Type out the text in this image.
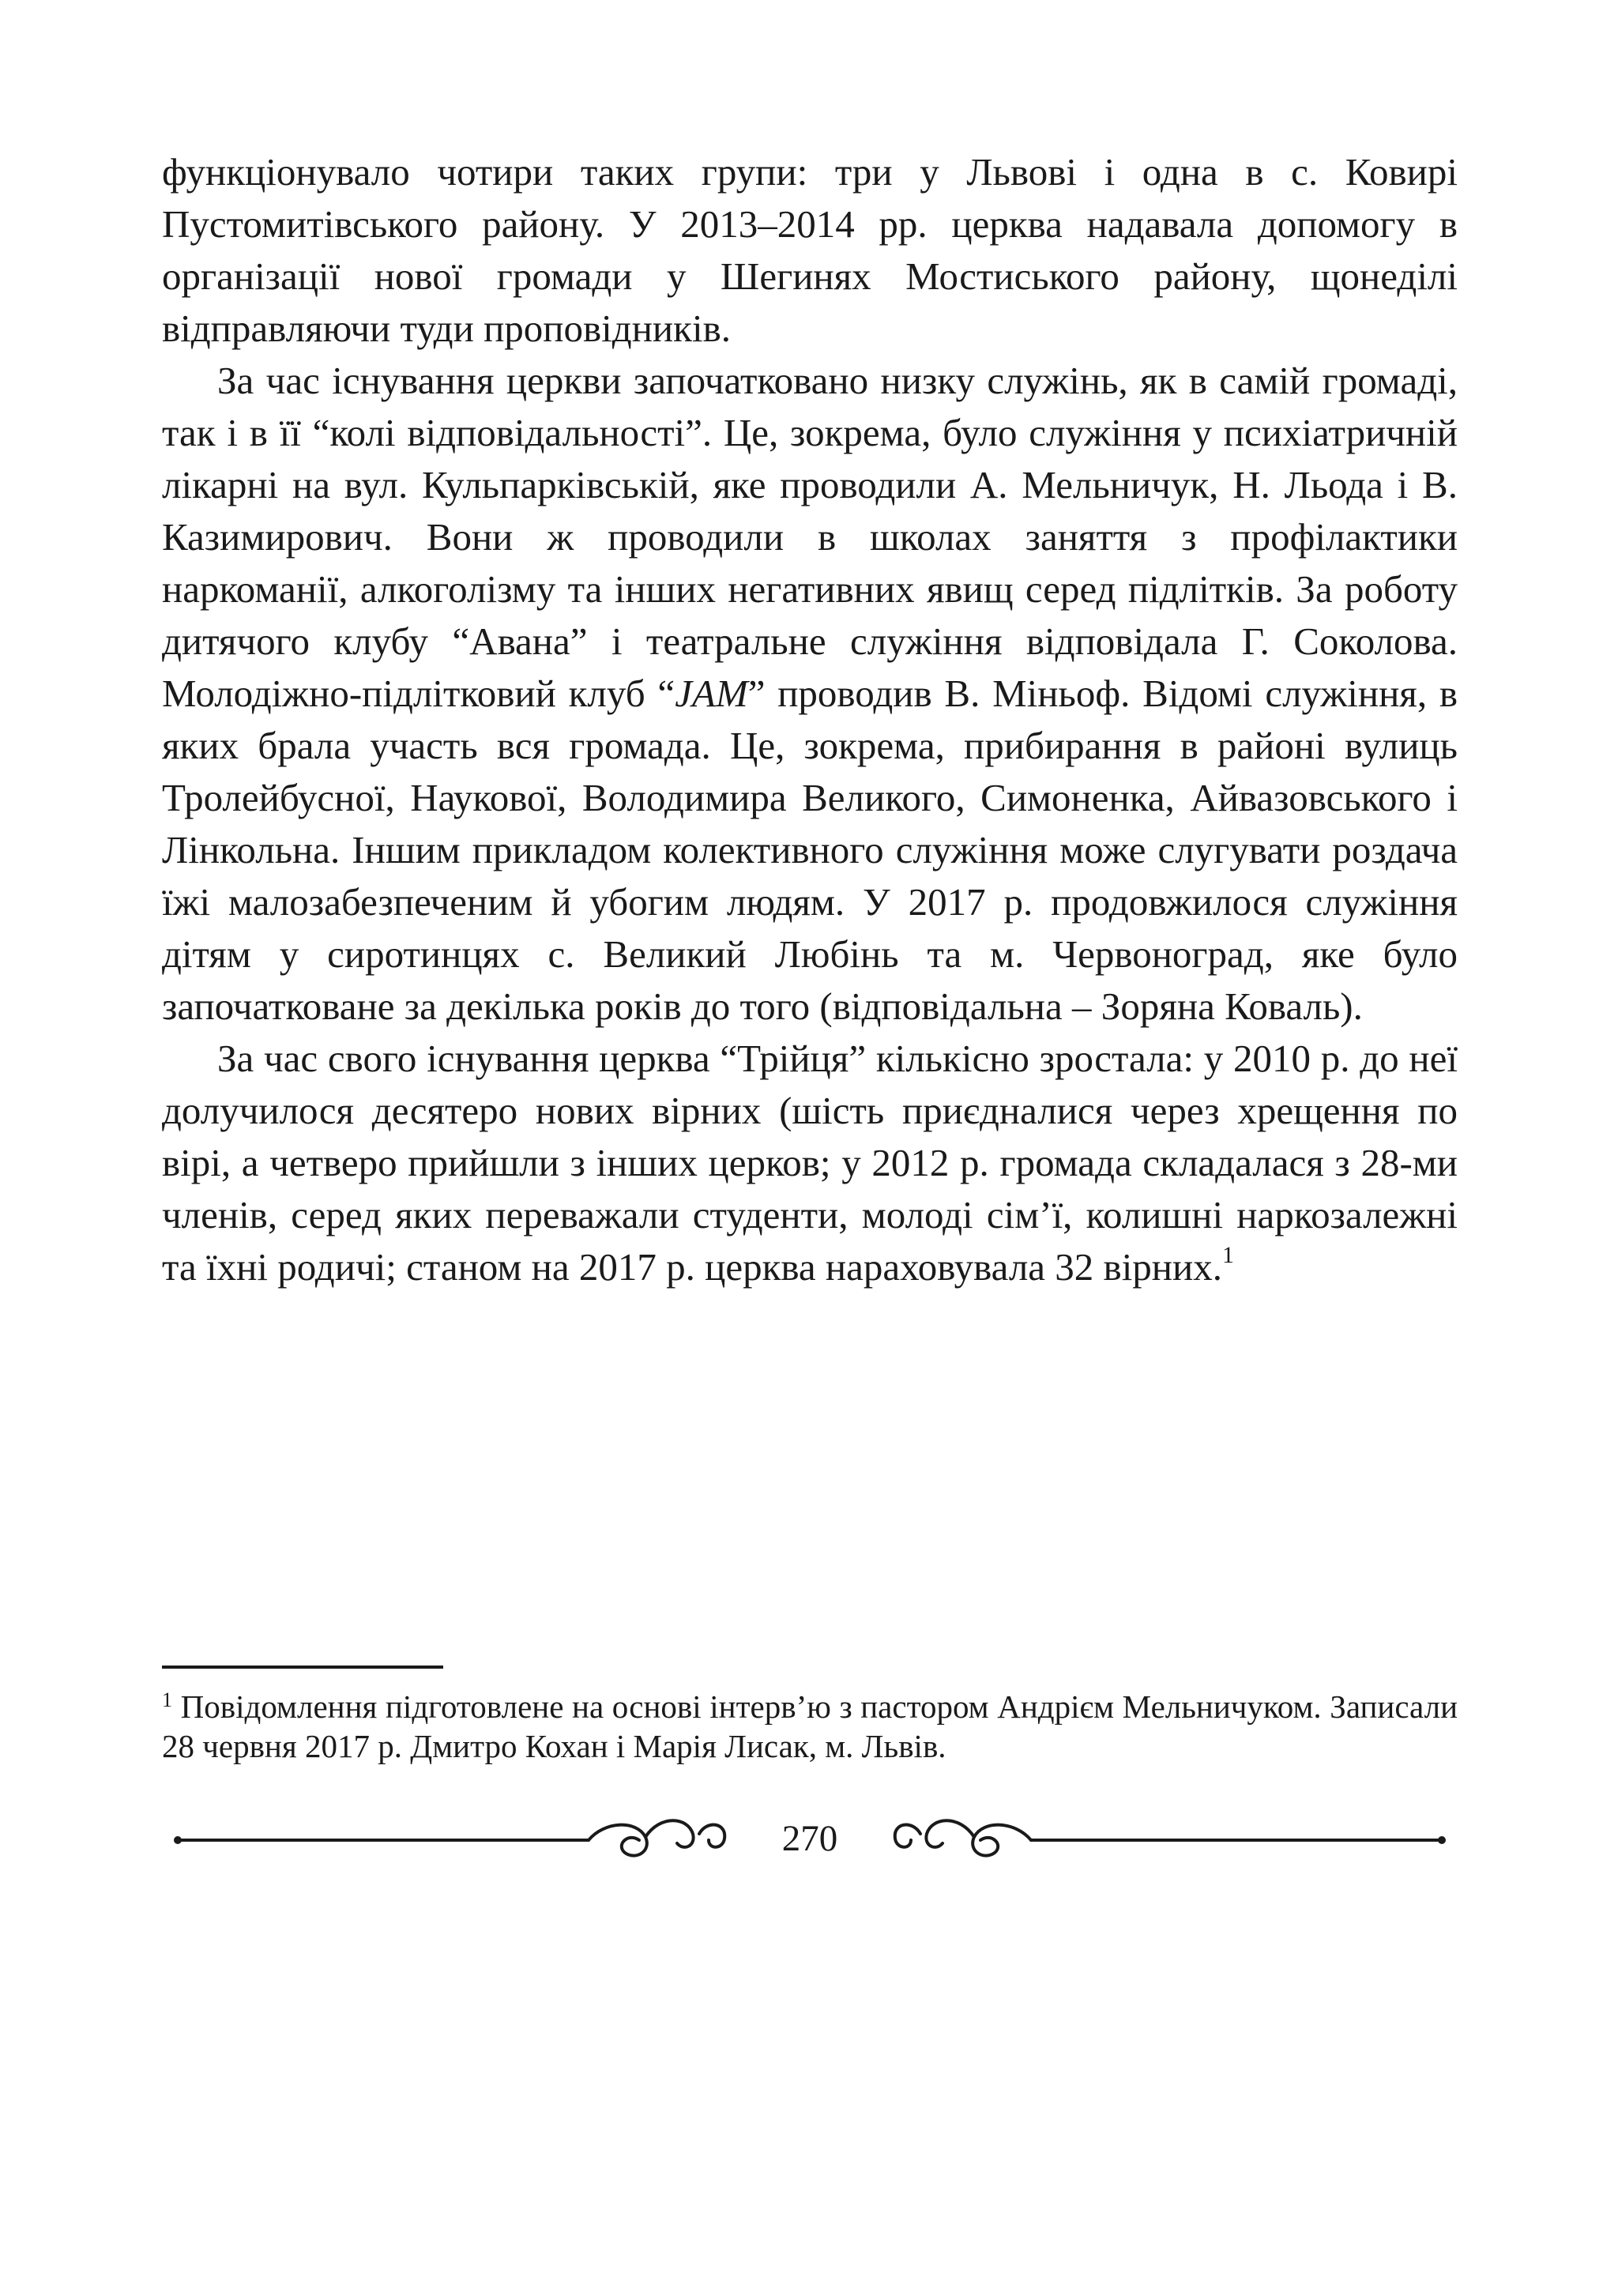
функціонувало чотири таких групи: три у Львові і одна в с. Ковирі Пустомитівського району. У 2013–2014 рр. церква надавала допомогу в організації нової громади у Шегинях Мостиського району, щонеділі відправляючи туди проповідників.

За час існування церкви започатковано низку служінь, як в самій громаді, так і в її “колі відповідальності”. Це, зокрема, було служіння у психіатричній лікарні на вул. Кульпарківській, яке проводили А. Мельничук, Н. Льода і В. Казимирович. Вони ж проводили в школах заняття з профілактики наркоманії, алкоголізму та інших негативних явищ серед підлітків. За роботу дитячого клубу “Авана” і театральне служіння відповідала Г. Соколова. Молодіжно-підлітковий клуб “JAM” проводив В. Міньоф. Відомі служіння, в яких брала участь вся громада. Це, зокрема, прибирання в районі вулиць Тролейбусної, Наукової, Володимира Великого, Симоненка, Айвазовського і Лінкольна. Іншим прикладом колективного служіння може слугувати роздача їжі малозабезпеченим й убогим людям. У 2017 р. продовжилося служіння дітям у сиротинцях с. Великий Любінь та м. Червоноград, яке було започатковане за декілька років до того (відповідальна – Зоряна Коваль).

За час свого існування церква “Трійця” кількісно зростала: у 2010 р. до неї долучилося десятеро нових вірних (шість приєдналися через хрещення по вірі, а четверо прийшли з інших церков; у 2012 р. громада складалася з 28-ми членів, серед яких переважали студенти, молоді сім’ї, колишні наркозалежні та їхні родичі; станом на 2017 р. церква нараховувала 32 вірних.$^1$

$^1$ Повідомлення підготовлене на основі інтерв’ю з пастором Андрієм Мельничуком. Записали 28 червня 2017 р. Дмитро Кохан і Марія Лисак, м. Львів.

270
